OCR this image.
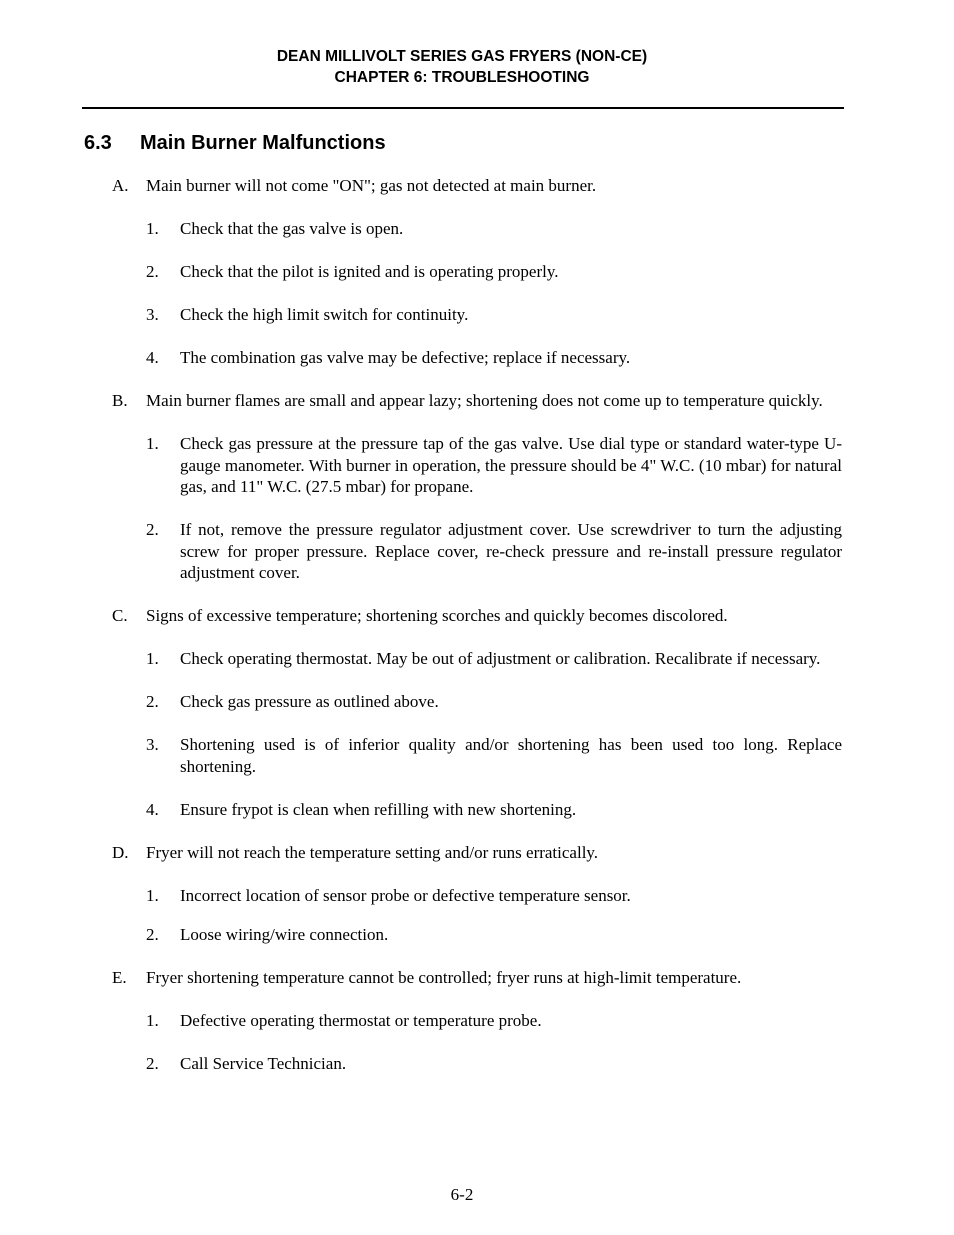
DEAN MILLIVOLT SERIES GAS FRYERS (NON-CE)
CHAPTER 6: TROUBLESHOOTING
6.3 Main Burner Malfunctions
A. Main burner will not come "ON"; gas not detected at main burner.
1. Check that the gas valve is open.
2. Check that the pilot is ignited and is operating properly.
3. Check the high limit switch for continuity.
4. The combination gas valve may be defective; replace if necessary.
B. Main burner flames are small and appear lazy; shortening does not come up to temperature quickly.
1. Check gas pressure at the pressure tap of the gas valve. Use dial type or standard water-type U-gauge manometer. With burner in operation, the pressure should be 4" W.C. (10 mbar) for natural gas, and 11" W.C. (27.5 mbar) for propane.
2. If not, remove the pressure regulator adjustment cover. Use screwdriver to turn the adjusting screw for proper pressure. Replace cover, re-check pressure and re-install pressure regulator adjustment cover.
C. Signs of excessive temperature; shortening scorches and quickly becomes discolored.
1. Check operating thermostat. May be out of adjustment or calibration. Recalibrate if necessary.
2. Check gas pressure as outlined above.
3. Shortening used is of inferior quality and/or shortening has been used too long. Replace shortening.
4. Ensure frypot is clean when refilling with new shortening.
D. Fryer will not reach the temperature setting and/or runs erratically.
1. Incorrect location of sensor probe or defective temperature sensor.
2. Loose wiring/wire connection.
E. Fryer shortening temperature cannot be controlled; fryer runs at high-limit temperature.
1. Defective operating thermostat or temperature probe.
2. Call Service Technician.
6-2
